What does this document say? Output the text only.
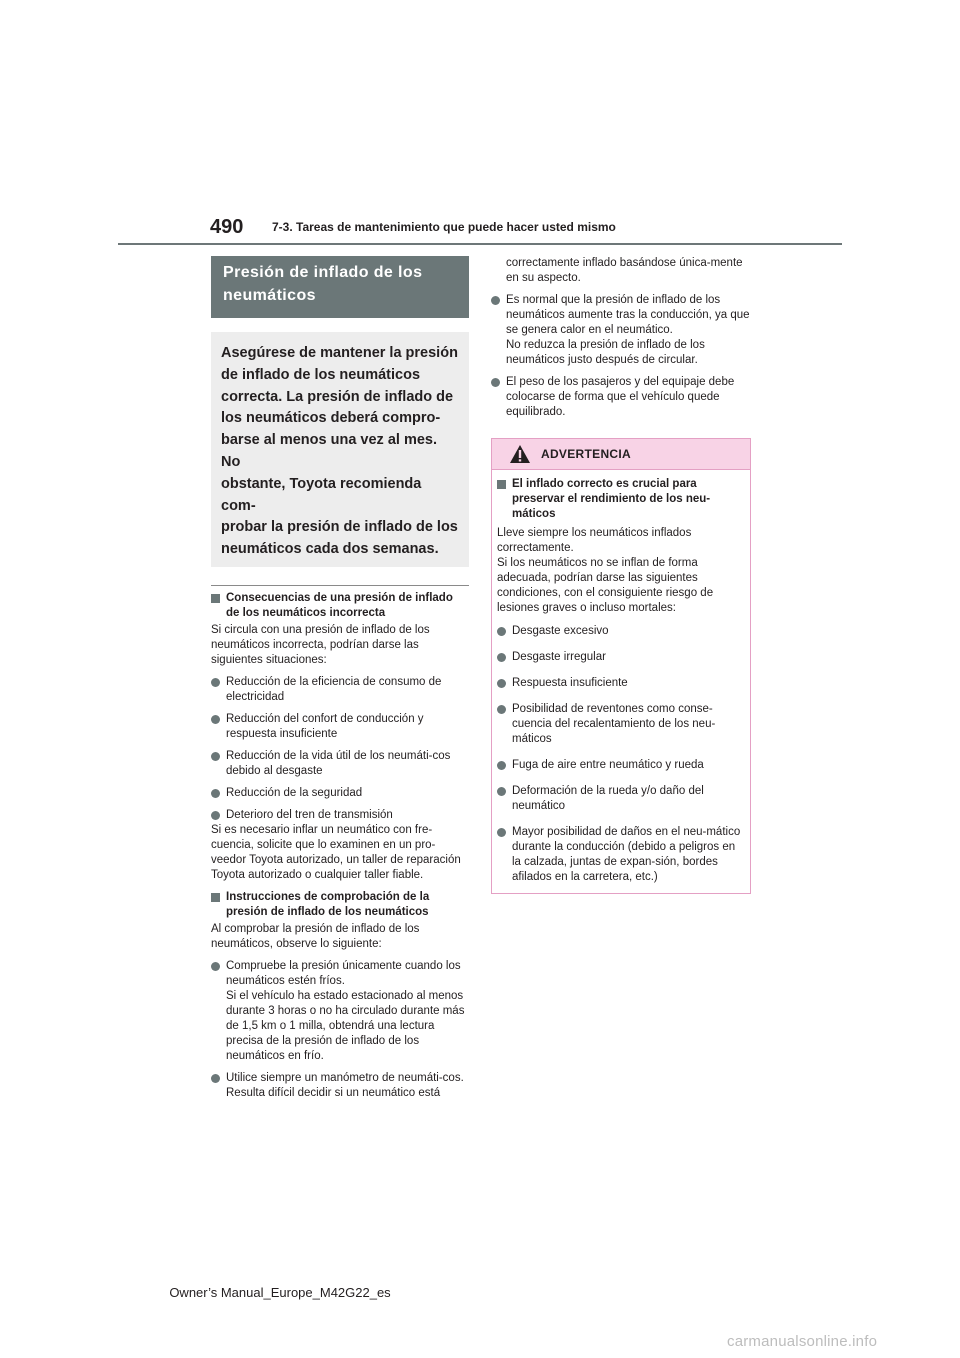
490 7-3. Tareas de mantenimiento que puede hacer usted mismo
Presión de inflado de los neumáticos

Asegúrese de mantener la presión

de inflado de los neumáticos

correcta. La presión de inflado de

los neumáticos deberá compro-

barse al menos una vez al mes. No

obstante, Toyota recomienda com-

probar la presión de inflado de los

neumáticos cada dos semanas.

Consecuencias de una presión de inflado de los neumáticos incorrecta
Si circula con una presión de inflado de los neumáticos incorrecta, podrían darse las siguientes situaciones:
Reducción de la eficiencia de consumo de electricidad
Reducción del confort de conducción y respuesta insuficiente
Reducción de la vida útil de los neumáti-cos debido al desgaste
Reducción de la seguridad
Deterioro del tren de transmisión
Si es necesario inflar un neumático con fre-cuencia, solicite que lo examinen en un pro-veedor Toyota autorizado, un taller de reparación Toyota autorizado o cualquier taller fiable.
Instrucciones de comprobación de la presión de inflado de los neumáticos
Al comprobar la presión de inflado de los neumáticos, observe lo siguiente:
Compruebe la presión únicamente cuando los neumáticos estén fríos.
Si el vehículo ha estado estacionado al menos durante 3 horas o no ha circulado durante más de 1,5 km o 1 milla, obtendrá una lectura precisa de la presión de inflado de los neumáticos en frío.
Utilice siempre un manómetro de neumáti-cos.
Resulta difícil decidir si un neumático está
correctamente inflado basándose única-mente en su aspecto.
Es normal que la presión de inflado de los neumáticos aumente tras la conducción, ya que se genera calor en el neumático.
No reduzca la presión de inflado de los neumáticos justo después de circular.
El peso de los pasajeros y del equipaje debe colocarse de forma que el vehículo quede equilibrado.
ADVERTENCIA
El inflado correcto es crucial para preservar el rendimiento de los neu-máticos
Lleve siempre los neumáticos inflados correctamente.
Si los neumáticos no se inflan de forma adecuada, podrían darse las siguientes condiciones, con el consiguiente riesgo de lesiones graves o incluso mortales:
Desgaste excesivo
Desgaste irregular
Respuesta insuficiente
Posibilidad de reventones como conse-cuencia del recalentamiento de los neu-máticos
Fuga de aire entre neumático y rueda
Deformación de la rueda y/o daño del neumático
Mayor posibilidad de daños en el neu-mático durante la conducción (debido a peligros en la calzada, juntas de expan-sión, bordes afilados en la carretera, etc.)
Owner’s Manual_Europe_M42G22_es
carmanualsonline.info
